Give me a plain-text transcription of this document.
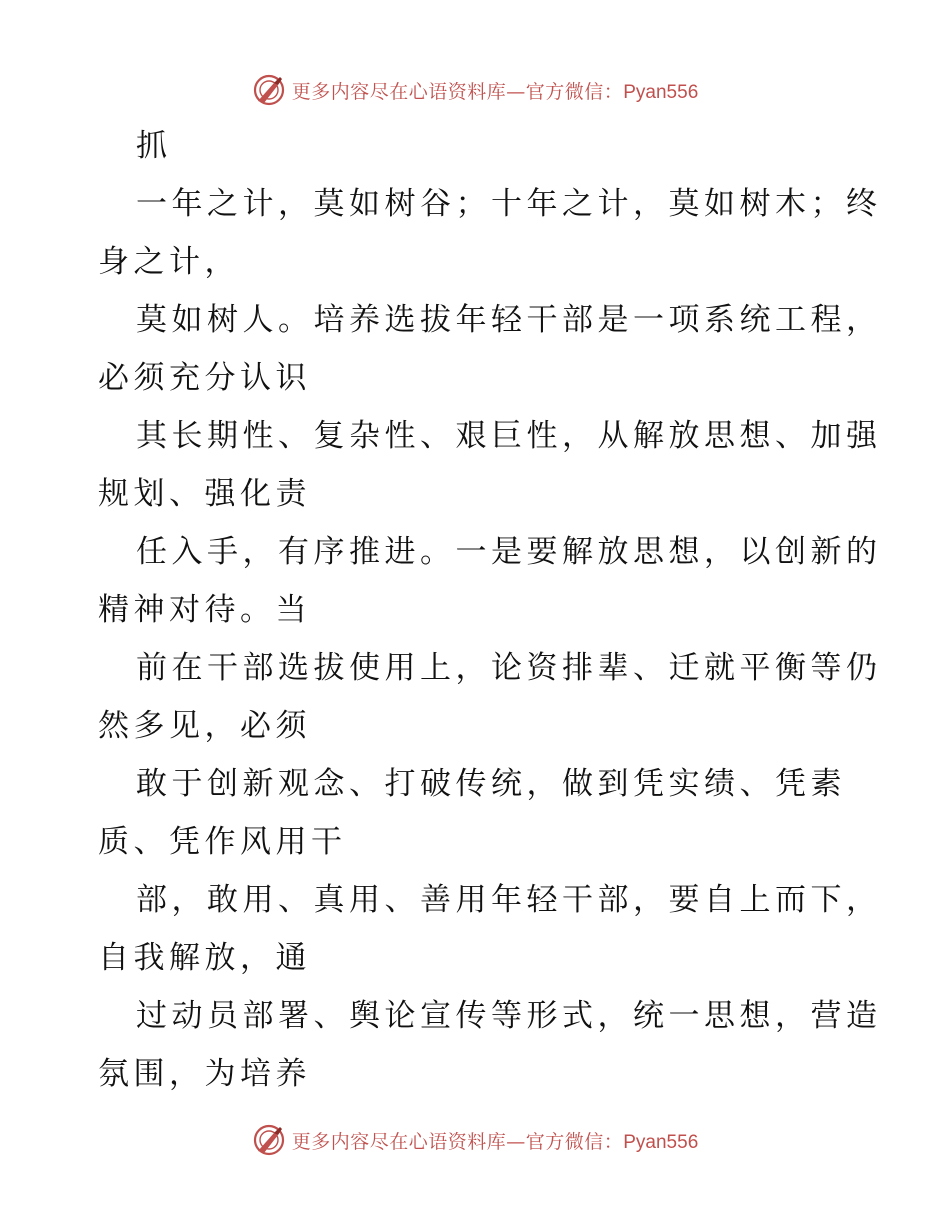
更多内容尽在心语资料库—官方微信：Pyan556
抓
一年之计，莫如树谷；十年之计，莫如树木；终
身之计，
莫如树人。培养选拔年轻干部是一项系统工程，
必须充分认识
其长期性、复杂性、艰巨性，从解放思想、加强
规划、强化责
任入手，有序推进。一是要解放思想，以创新的
精神对待。当
前在干部选拔使用上，论资排辈、迁就平衡等仍
然多见，必须
敢于创新观念、打破传统，做到凭实绩、凭素
质、凭作风用干
部，敢用、真用、善用年轻干部，要自上而下，
自我解放，通
过动员部署、舆论宣传等形式，统一思想，营造
氛围，为培养
更多内容尽在心语资料库—官方微信：Pyan556
